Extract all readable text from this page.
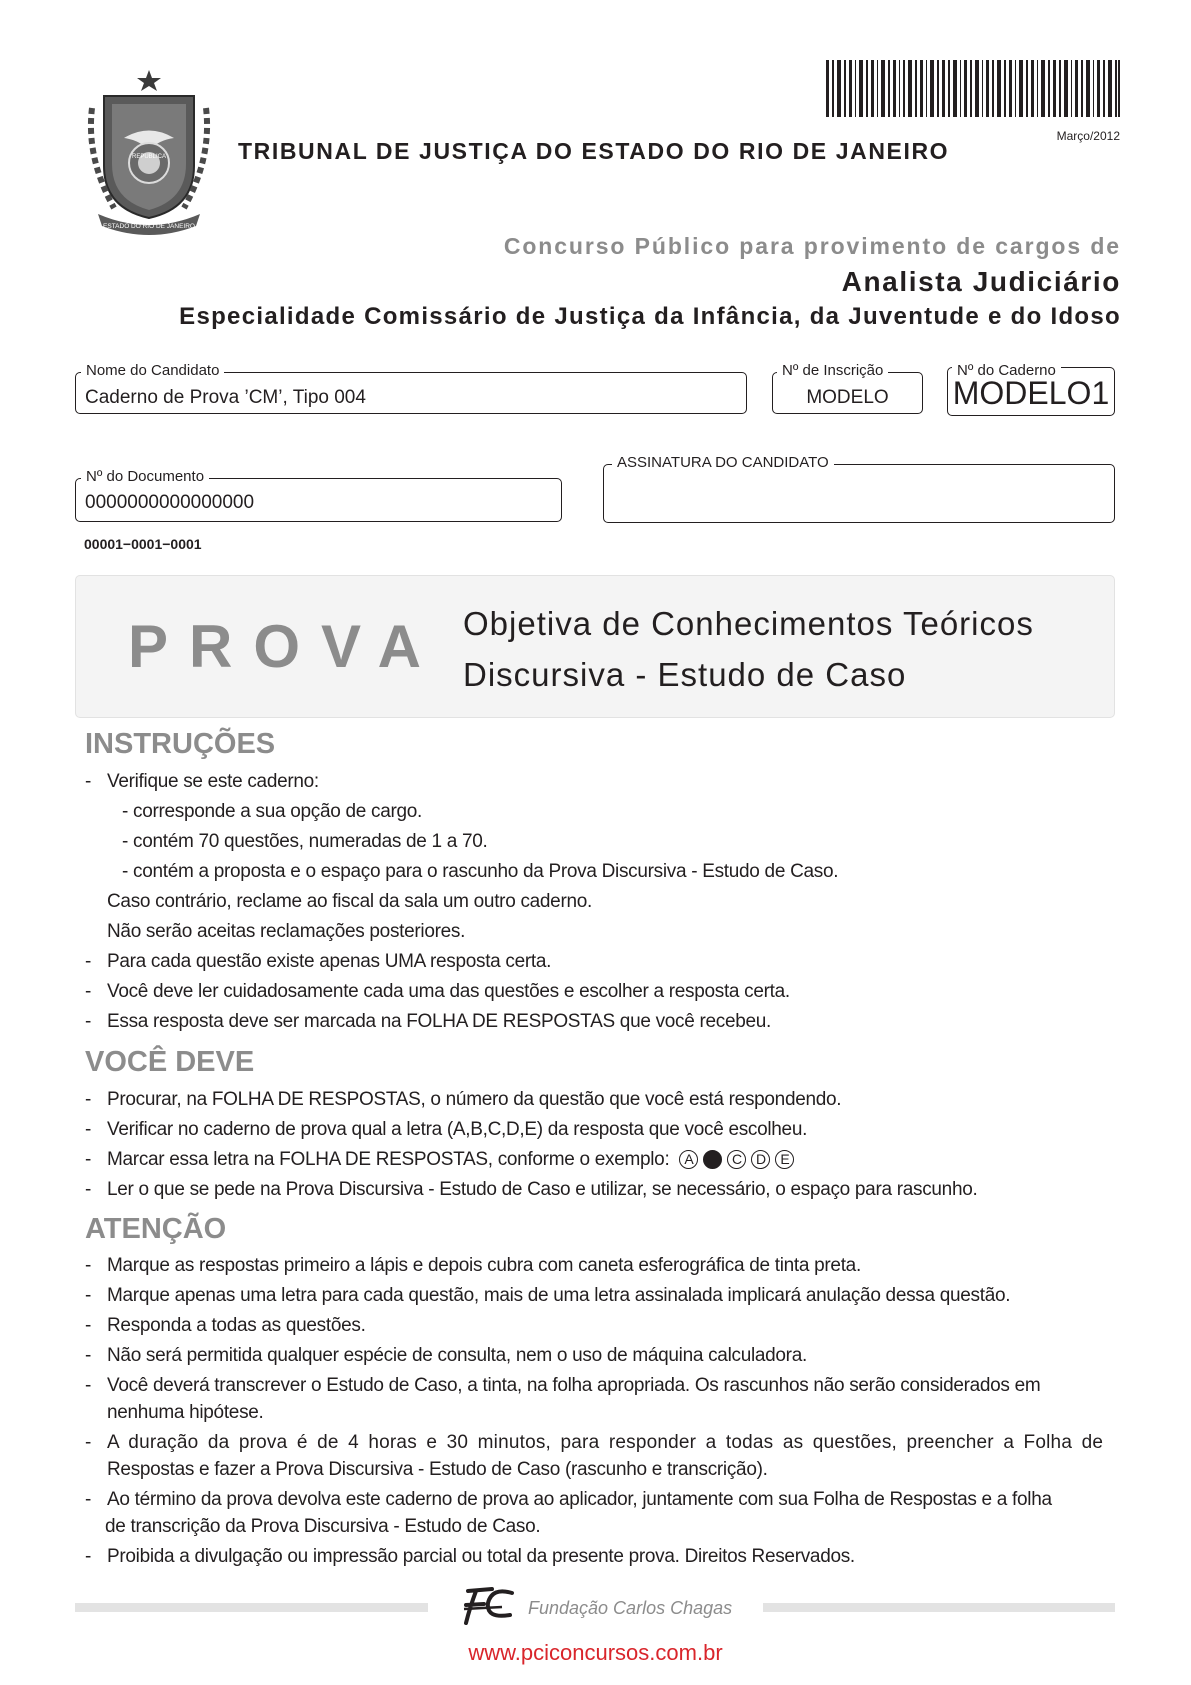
REPUBLICA
ESTADO DO RIO DE JANEIRO
Março/2012
TRIBUNAL DE JUSTIÇA DO ESTADO DO RIO DE JANEIRO
Concurso Público para provimento de cargos de
Analista Judiciário
Especialidade Comissário de Justiça da Infância, da Juventude e do Idoso
Nome do Candidato
Caderno de Prova ’CM’, Tipo 004
Nº de Inscrição
MODELO
Nº do Caderno
MODELO1
Nº do Documento
0000000000000000
ASSINATURA DO CANDIDATO
00001−0001−0001
PROVA Objetiva de Conhecimentos Teóricos
Discursiva - Estudo de Caso
INSTRUÇÕES
- Verifique se este caderno:
- corresponde a sua opção de cargo.
- contém 70 questões, numeradas de 1 a 70.
- contém a proposta e o espaço para o rascunho da Prova Discursiva - Estudo de Caso.
Caso contrário, reclame ao fiscal da sala um outro caderno.
Não serão aceitas reclamações posteriores.
- Para cada questão existe apenas UMA resposta certa.
- Você deve ler cuidadosamente cada uma das questões e escolher a resposta certa.
- Essa resposta deve ser marcada na FOLHA DE RESPOSTAS que você recebeu.
VOCÊ DEVE
- Procurar, na FOLHA DE RESPOSTAS, o número da questão que você está respondendo.
- Verificar no caderno de prova qual a letra (A,B,C,D,E) da resposta que você escolheu.
- Marcar essa letra na FOLHA DE RESPOSTAS, conforme o exemplo: A	C D E
- Ler o que se pede na Prova Discursiva - Estudo de Caso e utilizar, se necessário, o espaço para rascunho.
ATENÇÃO
- Marque as respostas primeiro a lápis e depois cubra com caneta esferográfica de tinta preta.
- Marque apenas uma letra para cada questão, mais de uma letra assinalada implicará anulação dessa questão.
- Responda a todas as questões.
- Não será permitida qualquer espécie de consulta, nem o uso de máquina calculadora.
- Você deverá transcrever o Estudo de Caso, a tinta, na folha apropriada. Os rascunhos não serão considerados em
nenhuma hipótese.
- A duração da prova é de 4 horas e 30 minutos, para responder a todas as questões, preencher a Folha de
Respostas e fazer a Prova Discursiva - Estudo de Caso (rascunho e transcrição).
- Ao término da prova devolva este caderno de prova ao aplicador, juntamente com sua Folha de Respostas e a folha
de transcrição da Prova Discursiva - Estudo de Caso.
- Proibida a divulgação ou impressão parcial ou total da presente prova. Direitos Reservados.
Fundação Carlos Chagas
www.pciconcursos.com.br
